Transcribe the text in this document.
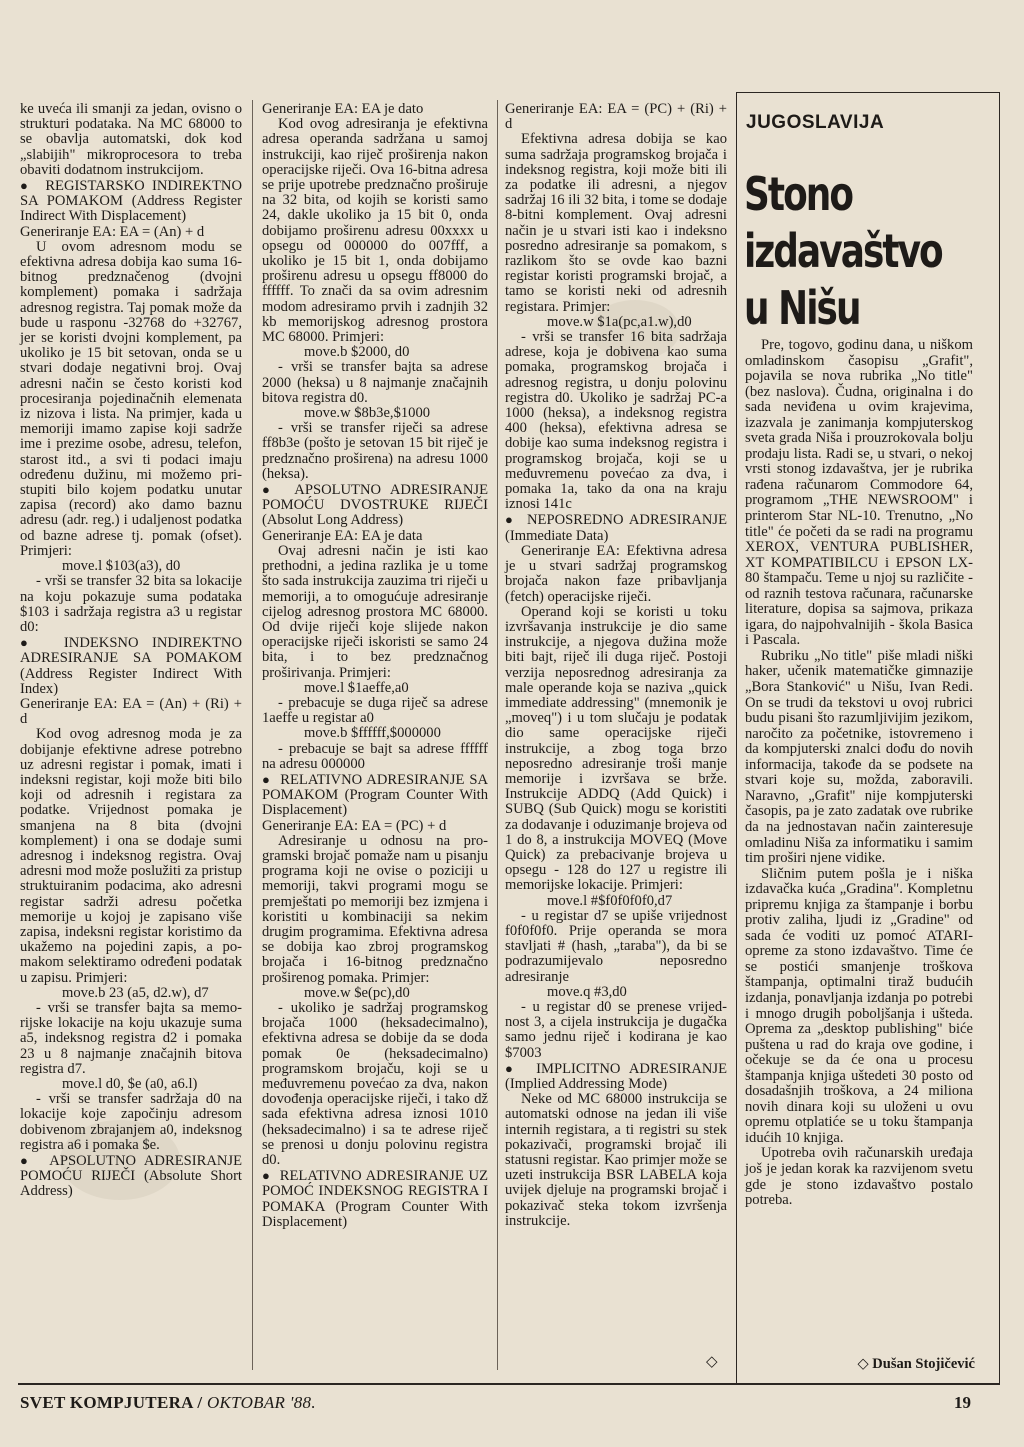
ke uveća ili smanji za jedan, ovisno o strukturi podataka. Na MC 68000 to se obavlja automatski, dok kod „slabijih" mikroprocesora to treba obaviti dodatnom instrukcijom.

●  REGISTARSKO INDIREKTNO SA POMAKOM (Address Register Indirect With Displacement)

Generiranje EA: EA = (An) + d

U ovom adresnom modu se efektivna adresa dobija kao suma 16-bitnog predznačenog (dvojni komplement) pomaka i sadržaja adresnog registra. Taj pomak može da bude u rasponu -32768 do +32767, jer se koristi dvojni komplement, pa ukoliko je 15 bit setovan, onda se u stvari dodaje negativni broj. Ovaj adresni način se često koristi kod procesiranja pojedinačnih elemenata iz nizova i lista. Na primjer, kada u memoriji imamo zapise koji sadrže ime i prezime osobe, adresu, telefon, starost itd., a svi ti podaci imaju određenu dužinu, mi možemo pristupiti bilo kojem podatku unutar zapisa (record) ako damo baznu adresu (adr. reg.) i udaljenost podatka od bazne adrese tj. pomak (ofset). Primjeri:

move.l $103(a3), d0

- vrši se transfer 32 bita sa lokacije na koju pokazuje suma podataka $103 i sadržaja registra a3 u registar d0:

●  INDEKSNO INDIREKTNO ADRESIRANJE SA POMAKOM (Address Register Indirect With Index)

Generiranje EA: EA = (An) + (Ri) + d

Kod ovog adresnog moda je za dobijanje efektivne adrese potrebno uz adresni registar i pomak, imati i indeksni registar, koji može biti bilo koji od adresnih i registara za podatke. Vrijednost pomaka je smanjena na 8 bita (dvojni komplement) i ona se dodaje sumi adresnog i indeksnog registra. Ovaj adresni mod može poslužiti za pristup struktuiranim podacima, ako adresni registar sadrži adresu početka memorije u kojoj je zapisano više zapisa, indeksni registar koristimo da ukažemo na pojedini zapis, a pomakom selektiramo određeni podatak u zapisu. Primjeri:

move.b 23 (a5, d2.w), d7

- vrši se transfer bajta sa memorijske lokacije na koju ukazuje suma a5, indeksnog registra d2 i pomaka 23 u 8 najmanje značajnih bitova registra d7.

move.l d0, $e (a0, a6.l)

- vrši se transfer sadržaja d0 na lokacije koje započinju adresom dobivenom zbrajanjem a0, indeksnog registra a6 i pomaka $e.

●  APSOLUTNO ADRESIRANJE POMOĆU RIJEČI (Absolute Short Address)

Generiranje EA: EA je dato

Kod ovog adresiranja je efektivna adresa operanda sadržana u samoj instrukciji, kao riječ proširenja nakon operacijske riječi. Ova 16-bitna adresa se prije upotrebe predznačno proširuje na 32 bita, od kojih se koristi samo 24, dakle ukoliko ja 15 bit 0, onda dobijamo proširenu adresu 00xxxx u opsegu od 000000 do 007fff, a ukoliko je 15 bit 1, onda dobijamo proširenu adresu u opsegu ff8000 do ffffff. To znači da sa ovim adresnim modom adresiramo prvih i zadnjih 32 kb memorijskog adresnog prostora MC 68000. Primjeri:

move.b $2000, d0

- vrši se transfer bajta sa adrese 2000 (heksa) u 8 najmanje značajnih bitova registra d0.

move.w $8b3e,$1000

- vrši se transfer riječi sa adrese ff8b3e (pošto je setovan 15 bit riječ je predznačno proširena) na adresu 1000 (heksa).

●  APSOLUTNO ADRESIRANJE POMOĆU DVOSTRUKE RIJEČI (Absolut Long Address)

Generiranje EA: EA je data

Ovaj adresni način je isti kao prethodni, a jedina razlika je u tome što sada instrukcija zauzima tri riječi u memoriji, a to omogućuje adresiranje cijelog adresnog prostora MC 68000. Od dvije riječi koje slijede nakon operacijske riječi iskoristi se samo 24 bita, i to bez predznačnog proširivanja. Primjeri:

move.l $1aeffe,a0

- prebacuje se duga riječ sa adrese 1aeffe u registar a0

move.b $ffffff,$000000

- prebacuje se bajt sa adrese ffffff na adresu 000000

●  RELATIVNO ADRESIRANJE SA POMAKOM (Program Counter With Displacement)

Generiranje EA: EA = (PC) + d

Adresiranje u odnosu na programski brojač pomaže nam u pisanju programa koji ne ovise o poziciji u memoriji, takvi programi mogu se premještati po memoriji bez izmjena i koristiti u kombinaciji sa nekim drugim programima. Efektivna adresa se dobija kao zbroj programskog brojača i 16-bitnog predznačno proširenog pomaka. Primjer:

move.w $e(pc),d0

- ukoliko je sadržaj programskog brojača 1000 (heksadecimalno), efektivna adresa se dobije da se doda pomak 0e (heksadecimalno) programskom brojaču, koji se u međuvremenu povećao za dva, nakon dovođenja operacijske riječi, i tako dž sada efektivna adresa iznosi 1010 (heksadecimalno) i sa te adrese riječ se prenosi u donju polovinu registra d0.

●  RELATIVNO ADRESIRANJE UZ POMOĆ INDEKSNOG REGISTRA I POMAKA (Program Counter With Displacement)

Generiranje EA: EA = (PC) + (Ri) + d

Efektivna adresa dobija se kao suma sadržaja programskog brojača i indeksnog registra, koji može biti ili za podatke ili adresni, a njegov sadržaj 16 ili 32 bita, i tome se dodaje 8-bitni komplement. Ovaj adresni način je u stvari isti kao i indeksno posredno adresiranje sa pomakom, s razlikom što se ovde kao bazni registar koristi programski brojač, a tamo se koristi neki od adresnih registara. Primjer:

move.w $1a(pc,a1.w),d0

- vrši se transfer 16 bita sadržaja adrese, koja je dobivena kao suma pomaka, programskog brojača i adresnog registra, u donju polovinu registra d0. Ukoliko je sadržaj PC-a 1000 (heksa), a indeksnog registra 400 (heksa), efektivna adresa se dobije kao suma indeksnog registra i programskog brojača, koji se u međuvremenu povećao za dva, i pomaka 1a, tako da ona na kraju iznosi 141c

●  NEPOSREDNO ADRESIRANJE (Immediate Data)

Generiranje EA: Efektivna adresa je u stvari sadržaj programskog brojača nakon faze pribavljanja (fetch) operacijske riječi.

Operand koji se koristi u toku izvršavanja instrukcije je dio same instrukcije, a njegova dužina može biti bajt, riječ ili duga riječ. Postoji verzija neposrednog adresiranja za male operande koja se naziva „quick immediate addressing" (mnemonik je „moveq") i u tom slučaju je podatak dio same operacijske riječi instrukcije, a zbog toga brzo neposredno adresiranje troši manje memorije i izvršava se brže. Instrukcije ADDQ (Add Quick) i SUBQ (Sub Quick) mogu se koristiti za dodavanje i oduzimanje brojeva od 1 do 8, a instrukcija MOVEQ (Move Quick) za prebacivanje brojeva u opsegu - 128 do 127 u registre ili memorijske lokacije. Primjeri:

move.l #$f0f0f0f0,d7

- u registar d7 se upiše vrijednost f0f0f0f0. Prije operanda se mora stavljati # (hash, „taraba"), da bi se podrazumijevalo neposredno adresiranje

move.q #3,d0

- u registar d0 se prenese vrijednost 3, a cijela instrukcija je dugačka samo jednu riječ i kodirana je kao $7003

●  IMPLICITNO ADRESIRANJE (Implied Addressing Mode)

Neke od MC 68000 instrukcija se automatski odnose na jedan ili više internih registara, a ti registri su stek pokazivači, programski brojač ili statusni registar. Kao primjer može se uzeti instrukcija BSR LABELA koja uvijek djeluje na programski brojač i pokazivač steka tokom izvršenja instrukcije.

◇
JUGOSLAVIJA
Stono izdavaštvo u Nišu

Pre, togovo, godinu dana, u niškom omladinskom časopisu „Grafit", pojavila se nova rubrika „No title" (bez naslova). Čudna, originalna i do sada neviđena u ovim krajevima, izazvala je zanimanja kompjuterskog sveta grada Niša i prouzrokovala bolju prodaju lista. Radi se, u stvari, o nekoj vrsti stonog izdavaštva, jer je rubrika rađena računarom Commodore 64, programom „THE NEWSROOM" i printerom Star NL-10. Trenutno, „No title" će početi da se radi na programu XEROX, VENTURA PUBLISHER, XT KOMPATIBILCU i EPSON LX-80 štampaču. Teme u njoj su različite - od raznih testova računara, računarske literature, dopisa sa sajmova, prikaza igara, do najpohvalnijih - škola Basica i Pascala.

Rubriku „No title" piše mladi niški haker, učenik matematičke gimnazije „Bora Stanković" u Nišu, Ivan Redi. On se trudi da tekstovi u ovoj rubrici budu pisani što razumljivijim jezikom, naročito za početnike, istovremeno i da kompjuterski znalci dođu do novih informacija, takođe da se podsete na stvari koje su, možda, zaboravili. Naravno, „Grafit" nije kompjuterski časopis, pa je zato zadatak ove rubrike da na jednostavan način zainteresuje omladinu Niša za informatiku i samim tim proširi njene vidike.

Sličnim putem pošla je i niška izdavačka kuća „Gradina". Kompletnu pripremu knjiga za štampanje i borbu protiv zaliha, ljudi iz „Gradine" od sada će voditi uz pomoć ATARI-opreme za stono izdavaštvo. Time će se postići smanjenje troškova štampanja, optimalni tiraž budućih izdanja, ponavljanja izdanja po potrebi i mnogo drugih poboljšanja i ušteda. Oprema za „desktop publishing" biće puštena u rad do kraja ove godine, i očekuje se da će ona u procesu štampanja knjiga uštedeti 30 posto od dosadašnjih troškova, a 24 miliona novih dinara koji su uloženi u ovu opremu otplatiće se u toku štampanja idućih 10 knjiga.

Upotreba ovih računarskih uređaja još je jedan korak ka razvijenom svetu gde je stono izdavaštvo postalo potreba.

◇ Dušan Stojičević
SVET KOMPJUTERA / OKTOBAR '88.	19
